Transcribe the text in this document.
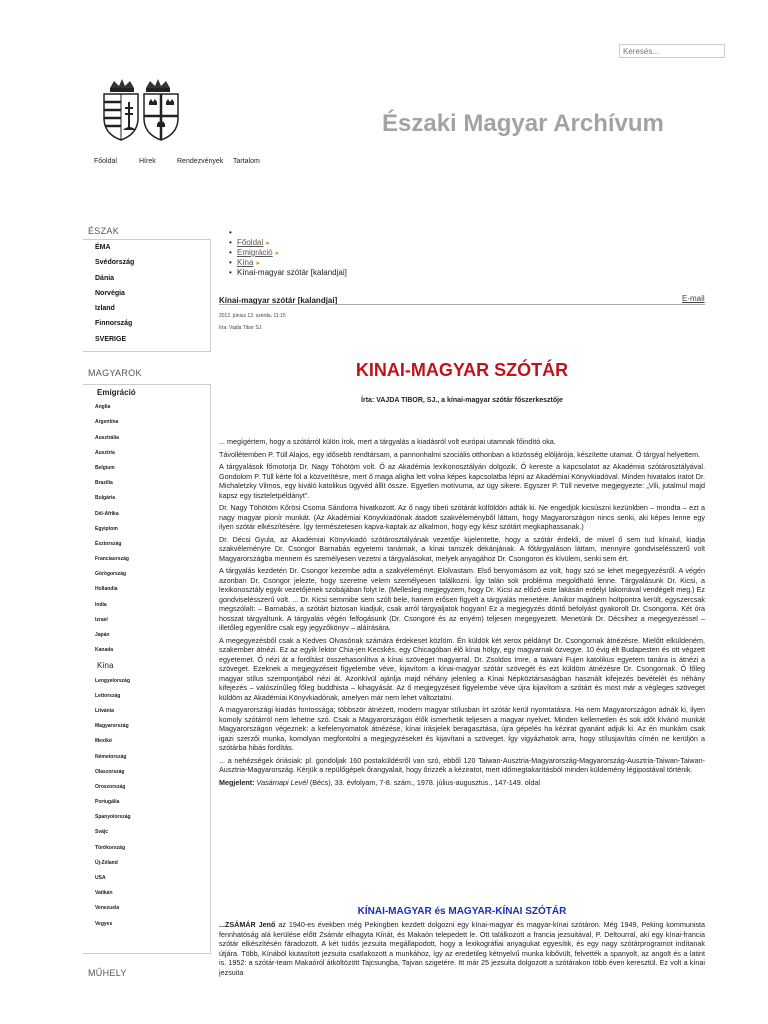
Keresés...
Északi Magyar Archívum
Főoldal	Hírek	Rendezvények Tartalom
ÉSZAK
ÉMA
Svédország
Dánia
Norvégia
Izland
Finnország
SVERIGE
MAGYAROK
Emigráció
Anglia
Argentína
Ausztrália
Ausztria
Belgium
Brazília
Bulgária
Dél-Afrika
Egyiptom
Észtország
Franciaország
Görögország
Hollandia
India
Izrael
Japán
Kanada
Kína
Lengyelország
Lettország
Litvánia
Magyarország
Mexikó
Németország
Olaszország
Oroszország
Portugália
Spanyolország
Svájc
Törökország
Új-Zéland
USA
Vatikán
Venezuela
Vegyes
MŰHELY
•
• Főoldal ▸
• Emigráció ▸
• Kína ▸
• Kínai-magyar szótár [kalandjai]
Kínai-magyar szótár [kalandjai]	E-mail
2012. június 13. szerda, 11:15
Írta: Vajda Tibor SJ.
KINAI-MAGYAR SZÓTÁR
Írta: VAJDA TIBOR, SJ., a kínai-magyar szótár főszerkesztője

... megígértem, hogy a szótárról külön írok, mert a tárgyalás a kiadásról volt európai utamnak főindító oka.

Távollétemben P. Tüll Alajos, egy idősebb rendtársam, a pannonhalmi szociális otthonban a közösség elöljárója, készítette utamat. Ő tárgyal helyettem.

A tárgyalások főmotorja Dr. Nagy Töhötöm volt. Ő az Akadémia lexikonosztályán dolgozik. Ő kereste a kapcsolatot az Akadémia szótárosztályával. Gondolom P. Tüll kérte föl a közvetítésre, mert ő maga aligha lett volna képes kapcsolatba lépni az Akadémiai Könyvkiadóval. Minden hivatalos iratot Dr. Michaletzky Vilmos, egy kiváló katolikus ügyvéd állít össze. Egyetlen motívuma, az ügy sikere. Egyszer P. Tüll nevetve megjegyezte: „Vili, jutalmul majd kapsz egy tiszteletpéldányt”.

Dr. Nagy Töhötöm Kőrösi Csoma Sándorra hivatkozott. Az ő nagy tibeti szótárát külföldön adták ki. Ne engedjük kicsúszni kezünkben – mondta – ezt a nagy magyar pionír munkát. (Az Akadémiai Könyvkiadónak átadott szakvéleményből láttam, hogy Magyarországon nincs senki, aki képes lenne egy ilyen szótár elkészítésére. Így természetesen kapva-kaptak az alkalmon, hogy egy kész szótárt megkaphassanak.)

Dr. Décsi Gyula, az Akadémiai Könyvkiadó szótárosztályának vezetője kijelentette, hogy a szótár érdekli, de mivel ő sem tud kínaiul, kiadja szakvéleményre Dr. Csongor Barnabás egyetemi tanárnak, a kínai tanszék dékánjának. A főtárgyaláson láttam, mennyire gondviselésszerű volt Magyarországba mennem és személyesen vezetni a tárgyalásokat, melyek anyagához Dr. Csongoron és kívülem, senki sem ért.

A tárgyalás kezdetén Dr. Csongor kezembe adta a szakvéleményt. Elolvastam. Első benyomásom az volt, hogy szó se lehet megegyezésről. A végén azonban Dr. Csongor jelezte, hogy szeretne velem személyesen találkozni. Így talán sok probléma megoldható lenne. Tárgyalásunk Dr. Kicsi, a lexikonosztály egyik vezetőjének szobájában folyt le. (Mellesleg megjegyzem, hogy Dr. Kicsi az előző este lakásán erdélyi lakomával vendégelt meg.) Ez gondviselésszerű volt. ... Dr. Kicsi semmibe sem szólt bele, hanem erősen figyelt a tárgyalás menetére. Amikor majdnem holtpontra került, egyszercsak megszólalt: – Barnabás, a szótárt biztosan kiadjuk, csak arról tárgyaljatok hogyan! Ez a megjegyzés döntő befolyást gyakorolt Dr. Csongorra. Két óra hosszat tárgyaltunk. A tárgyalás végén felfogásunk (Dr. Csongoré és az enyém) teljesen megegyezett. Menetünk Dr. Décsihez a megegyezéssel – illetőleg egyenlőre csak egy jegyzőkönyv – aláírására.

A megegyezésből csak a Kedves Olvasónak számára érdekeset közlöm. Én küldök két xerox példányt Dr. Csongornak átnézésre. Mielőtt elküldeném, szakember átnézi. Ez az egyik lektor Chia-jen Kecskés, egy Chicagóban élő kínai hölgy, egy magyarnak özvegye. 10 évig élt Budapesten és ott végzett egyetemet. Ő nézi át a fordítást összehasonlítva a kínai szöveget magyarral. Dr. Zsoldos Imre, a taiwani Fujen katolikus egyetem tanára is átnézi a szöveget. Ezeknek a megjegyzéseit figyelembe véve, kijavítom a kínai-magyar szótár szövegét és ezt küldöm átnézésre Dr. Csongornak. Ő főleg magyar stílus szempontjából nézi át. Azonkívül ajánlja majd néhány jelenleg a Kínai Népköztársaságban használt kifejezés bevételét és néhány kifejezés – valószínűleg főleg buddhista – kihagyását. Az ő megjegyzéseit figyelembe véve újra kijavítom a szótárt és most már a végleges szöveget küldöm az Akadémiai Könyvkiadónak, amelyen már nem lehet változtatni.

A magyarországi kiadás fontossága; többször átnézett, modern magyar stílusban írt szótár kerül nyomtatásra. Ha nem Magyarországon adnák ki, ilyen komoly szótárról nem lehetne szó. Csak a Magyarországon élők ismerhetik teljesen a magyar nyelvet. Minden kellemetlen és sok időt kívánó munkát Magyarországon végeznek: a kefelenyomatok átnézése, kínai írásjelek beragasztása, újra gépelés ha kézirat gyanánt adjuk ki. Az én munkám csak igazi szerzői munka, komolyan megfontolni a megjegyzéseket és kijavítani a szöveget. Így vigyázhatok arra, hogy stílusjavítás címén ne kerüljön a szótárba hibás fordítás.

... a nehézségek óriásiak: pl. gondoljak 160 postaküldésről van szó, ebből 120 Taiwan-Ausztria-Magyarország-Magyarország-Ausztria-Taiwan-Taiwan-Ausztria-Magyarország. Kérjük a repülőgépek őrangyalait, hogy őrizzék a kéziratot, mert időmegtakarításból minden küldemény légipostával történik.

Megjelent: Vasárnapi Levél (Bécs), 33. évfolyam, 7-8. szám., 1978. július-augusztus., 147-149. oldal

KÍNAI-MAGYAR és MAGYAR-KÍNAI SZÓTÁR

...ZSÁMÁR Jenő az 1940-es években még Pekingben kezdett dolgozni egy kínai-magyar és magyar-kínai szótáron. Még 1949, Peking kommunista fennhatóság alá kerülése előtt Zsámár elhagyta Kínát, és Makaón telepedett le. Ott találkozott a francia jezsuitával, P. Deltourral, aki egy kínai-francia szótár elkészítésén fáradozott. A két tudós jezsuita megállapodott, hogy a lexikográfiai anyagukat egyesítik, és egy nagy szótárprogramot indítanak útjára. Több, Kínából kiutasított jezsuita csatlakozott a munkához, így az eredetileg kétnyelvű munka kibővült, felvették a spanyolt, az angolt és a latint is. 1952: a szótár-team Makaóról átköltözött Tajcsungba, Tajvan szigetére. Itt már 25 jezsuita dolgozott a szótárakon több éven keresztül. Ez volt a kínai jezsuita
